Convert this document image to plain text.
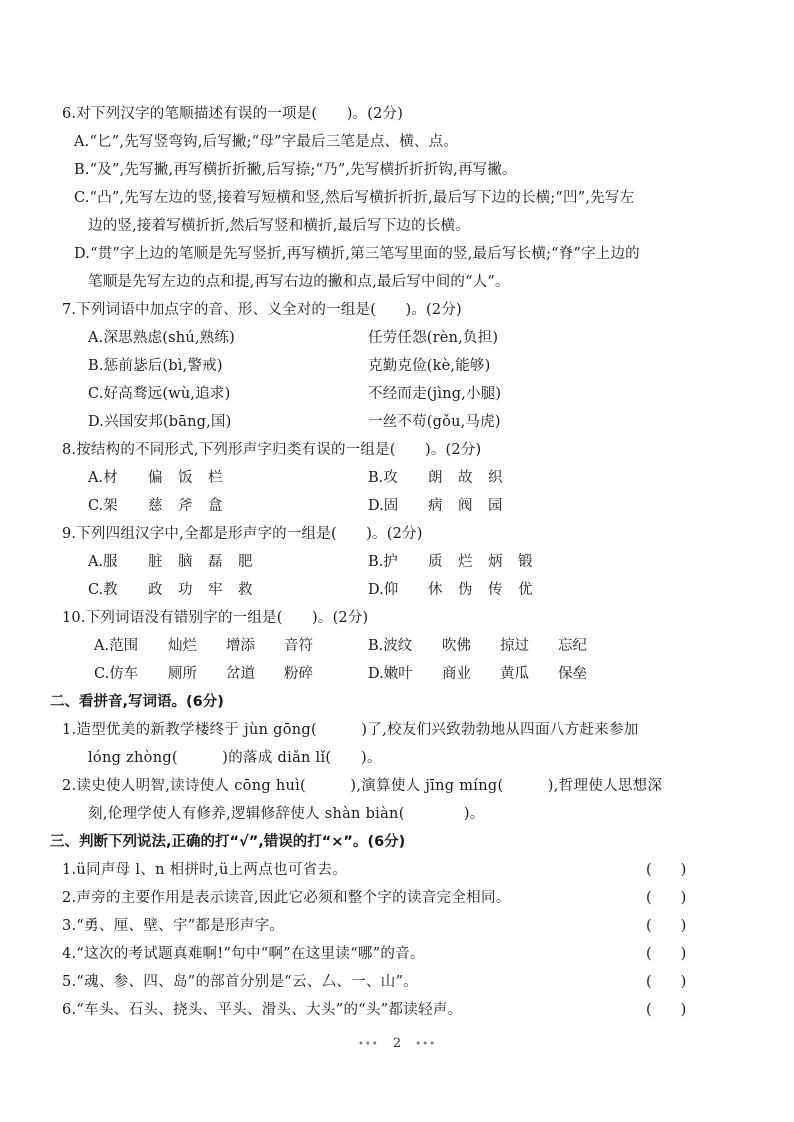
6.对下列汉字的笔顺描述有误的一项是(　　)。(2分)
A.“匕”,先写竖弯钩,后写撇;“母”字最后三笔是点、横、点。
B.“及”,先写撇,再写横折折撇,后写捺;“乃”,先写横折折折钩,再写撇。
C.“凸”,先写左边的竖,接着写短横和竖,然后写横折折折,最后写下边的长横;“凹”,先写左
边的竖,接着写横折折,然后写竖和横折,最后写下边的长横。
D.“贯”字上边的笔顺是先写竖折,再写横折,第三笔写里面的竖,最后写长横;“脊”字上边的
笔顺是先写左边的点和提,再写右边的撇和点,最后写中间的“人”。
7.下列词语中加点字的音、形、义全对的一组是(　　)。(2分)
A.深思熟虑(shú,熟练)	任劳任怨(rèn,负担)
B.惩前毖后(bì,警戒)	克勤克俭(kè,能够)
C.好高骛远(wù,追求)	不经而走(jìng,小腿)
D.兴国安邦(bāng,国)	一丝不苟(gǒu,马虎)
8.按结构的不同形式,下列形声字归类有误的一组是(　　)。(2分)
A.材 偏 饭 栏	B.攻 朗 故 织
C.架 慈 斧 盒	D.固 病 阀 园
9.下列四组汉字中,全都是形声字的一组是(　　)。(2分)
A.服 脏 脑 磊 肥	B.护 质 烂 炳 锻
C.教 政 功 牢 救	D.仰 休 伪 传 优
10.下列词语没有错别字的一组是(　　)。(2分)
A.范围 灿烂 增添 音符	B.波纹 吹佛 掠过 忘纪
C.仿车 厕所 岔道 粉碎	D.嫩叶 商业 黄瓜 保垒
二、看拼音,写词语。(6分)
1.造型优美的新教学楼终于 jùn gōng(　　　)了,校友们兴致勃勃地从四面八方赶来参加
lóng zhòng(　　　)的落成 diǎn lǐ(　　)。
2.读史使人明智,读诗使人 cōng huì(　　　),演算使人 jīng míng(　　　),哲理使人思想深
刻,伦理学使人有修养,逻辑修辞使人 shàn biàn(　　　　)。
三、判断下列说法,正确的打“√”,错误的打“×”。(6分)
1.ü同声母 l、n 相拼时,ü上两点也可省去。	(　　)
2.声旁的主要作用是表示读音,因此它必须和整个字的读音完全相同。	(　　)
3.“勇、厘、壁、宇”都是形声字。	(　　)
4.“这次的考试题真难啊!”句中“啊”在这里读“哪”的音。	(　　)
5.“魂、参、四、岛”的部首分别是“云、厶、一、山”。	(　　)
6.“车头、石头、挠头、平头、滑头、大头”的“头”都读轻声。	(　　)
••• 2 •••
